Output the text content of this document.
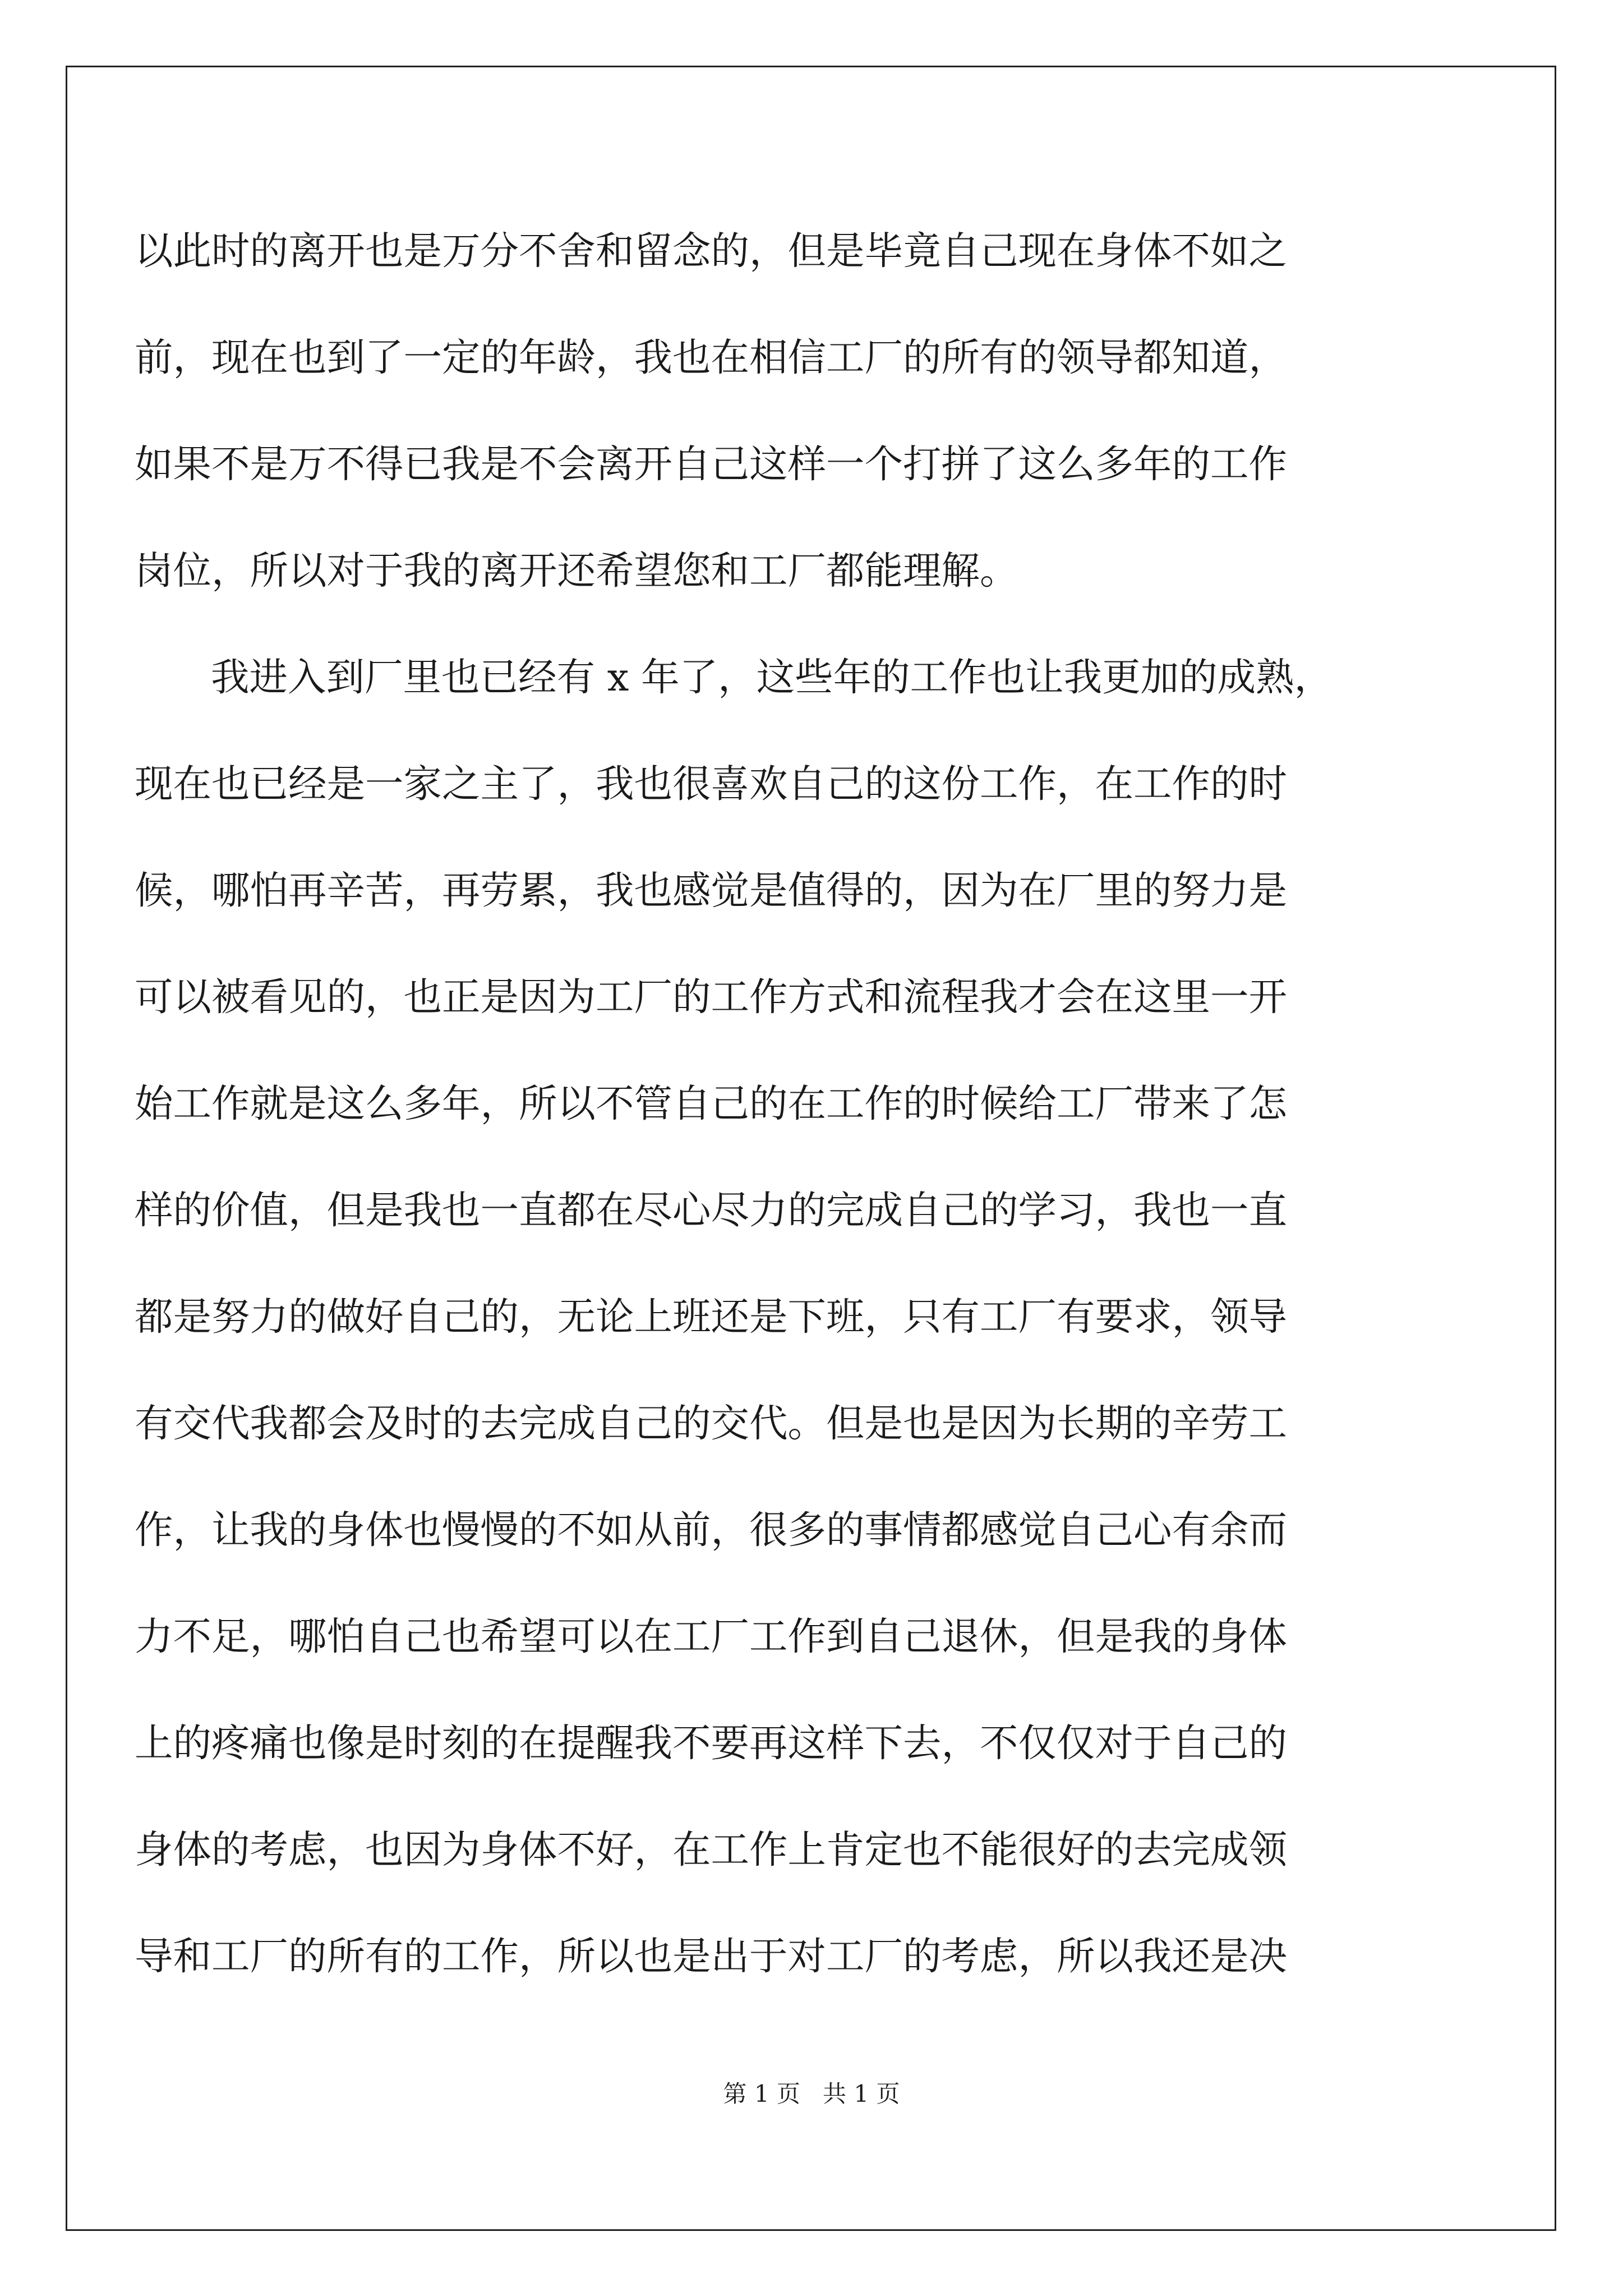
以此时的离开也是万分不舍和留念的，但是毕竟自己现在身体不如之
前，现在也到了一定的年龄，我也在相信工厂的所有的领导都知道，
如果不是万不得已我是不会离开自己这样一个打拼了这么多年的工作
岗位，所以对于我的离开还希望您和工厂都能理解。
我进入到厂里也已经有 x 年了，这些年的工作也让我更加的成熟，
现在也已经是一家之主了，我也很喜欢自己的这份工作，在工作的时
候，哪怕再辛苦，再劳累，我也感觉是值得的，因为在厂里的努力是
可以被看见的，也正是因为工厂的工作方式和流程我才会在这里一开
始工作就是这么多年，所以不管自己的在工作的时候给工厂带来了怎
样的价值，但是我也一直都在尽心尽力的完成自己的学习，我也一直
都是努力的做好自己的，无论上班还是下班，只有工厂有要求，领导
有交代我都会及时的去完成自己的交代。但是也是因为长期的辛劳工
作，让我的身体也慢慢的不如从前，很多的事情都感觉自己心有余而
力不足，哪怕自己也希望可以在工厂工作到自己退休，但是我的身体
上的疼痛也像是时刻的在提醒我不要再这样下去，不仅仅对于自己的
身体的考虑，也因为身体不好，在工作上肯定也不能很好的去完成领
导和工厂的所有的工作，所以也是出于对工厂的考虑，所以我还是决
第 1 页   共 1 页
